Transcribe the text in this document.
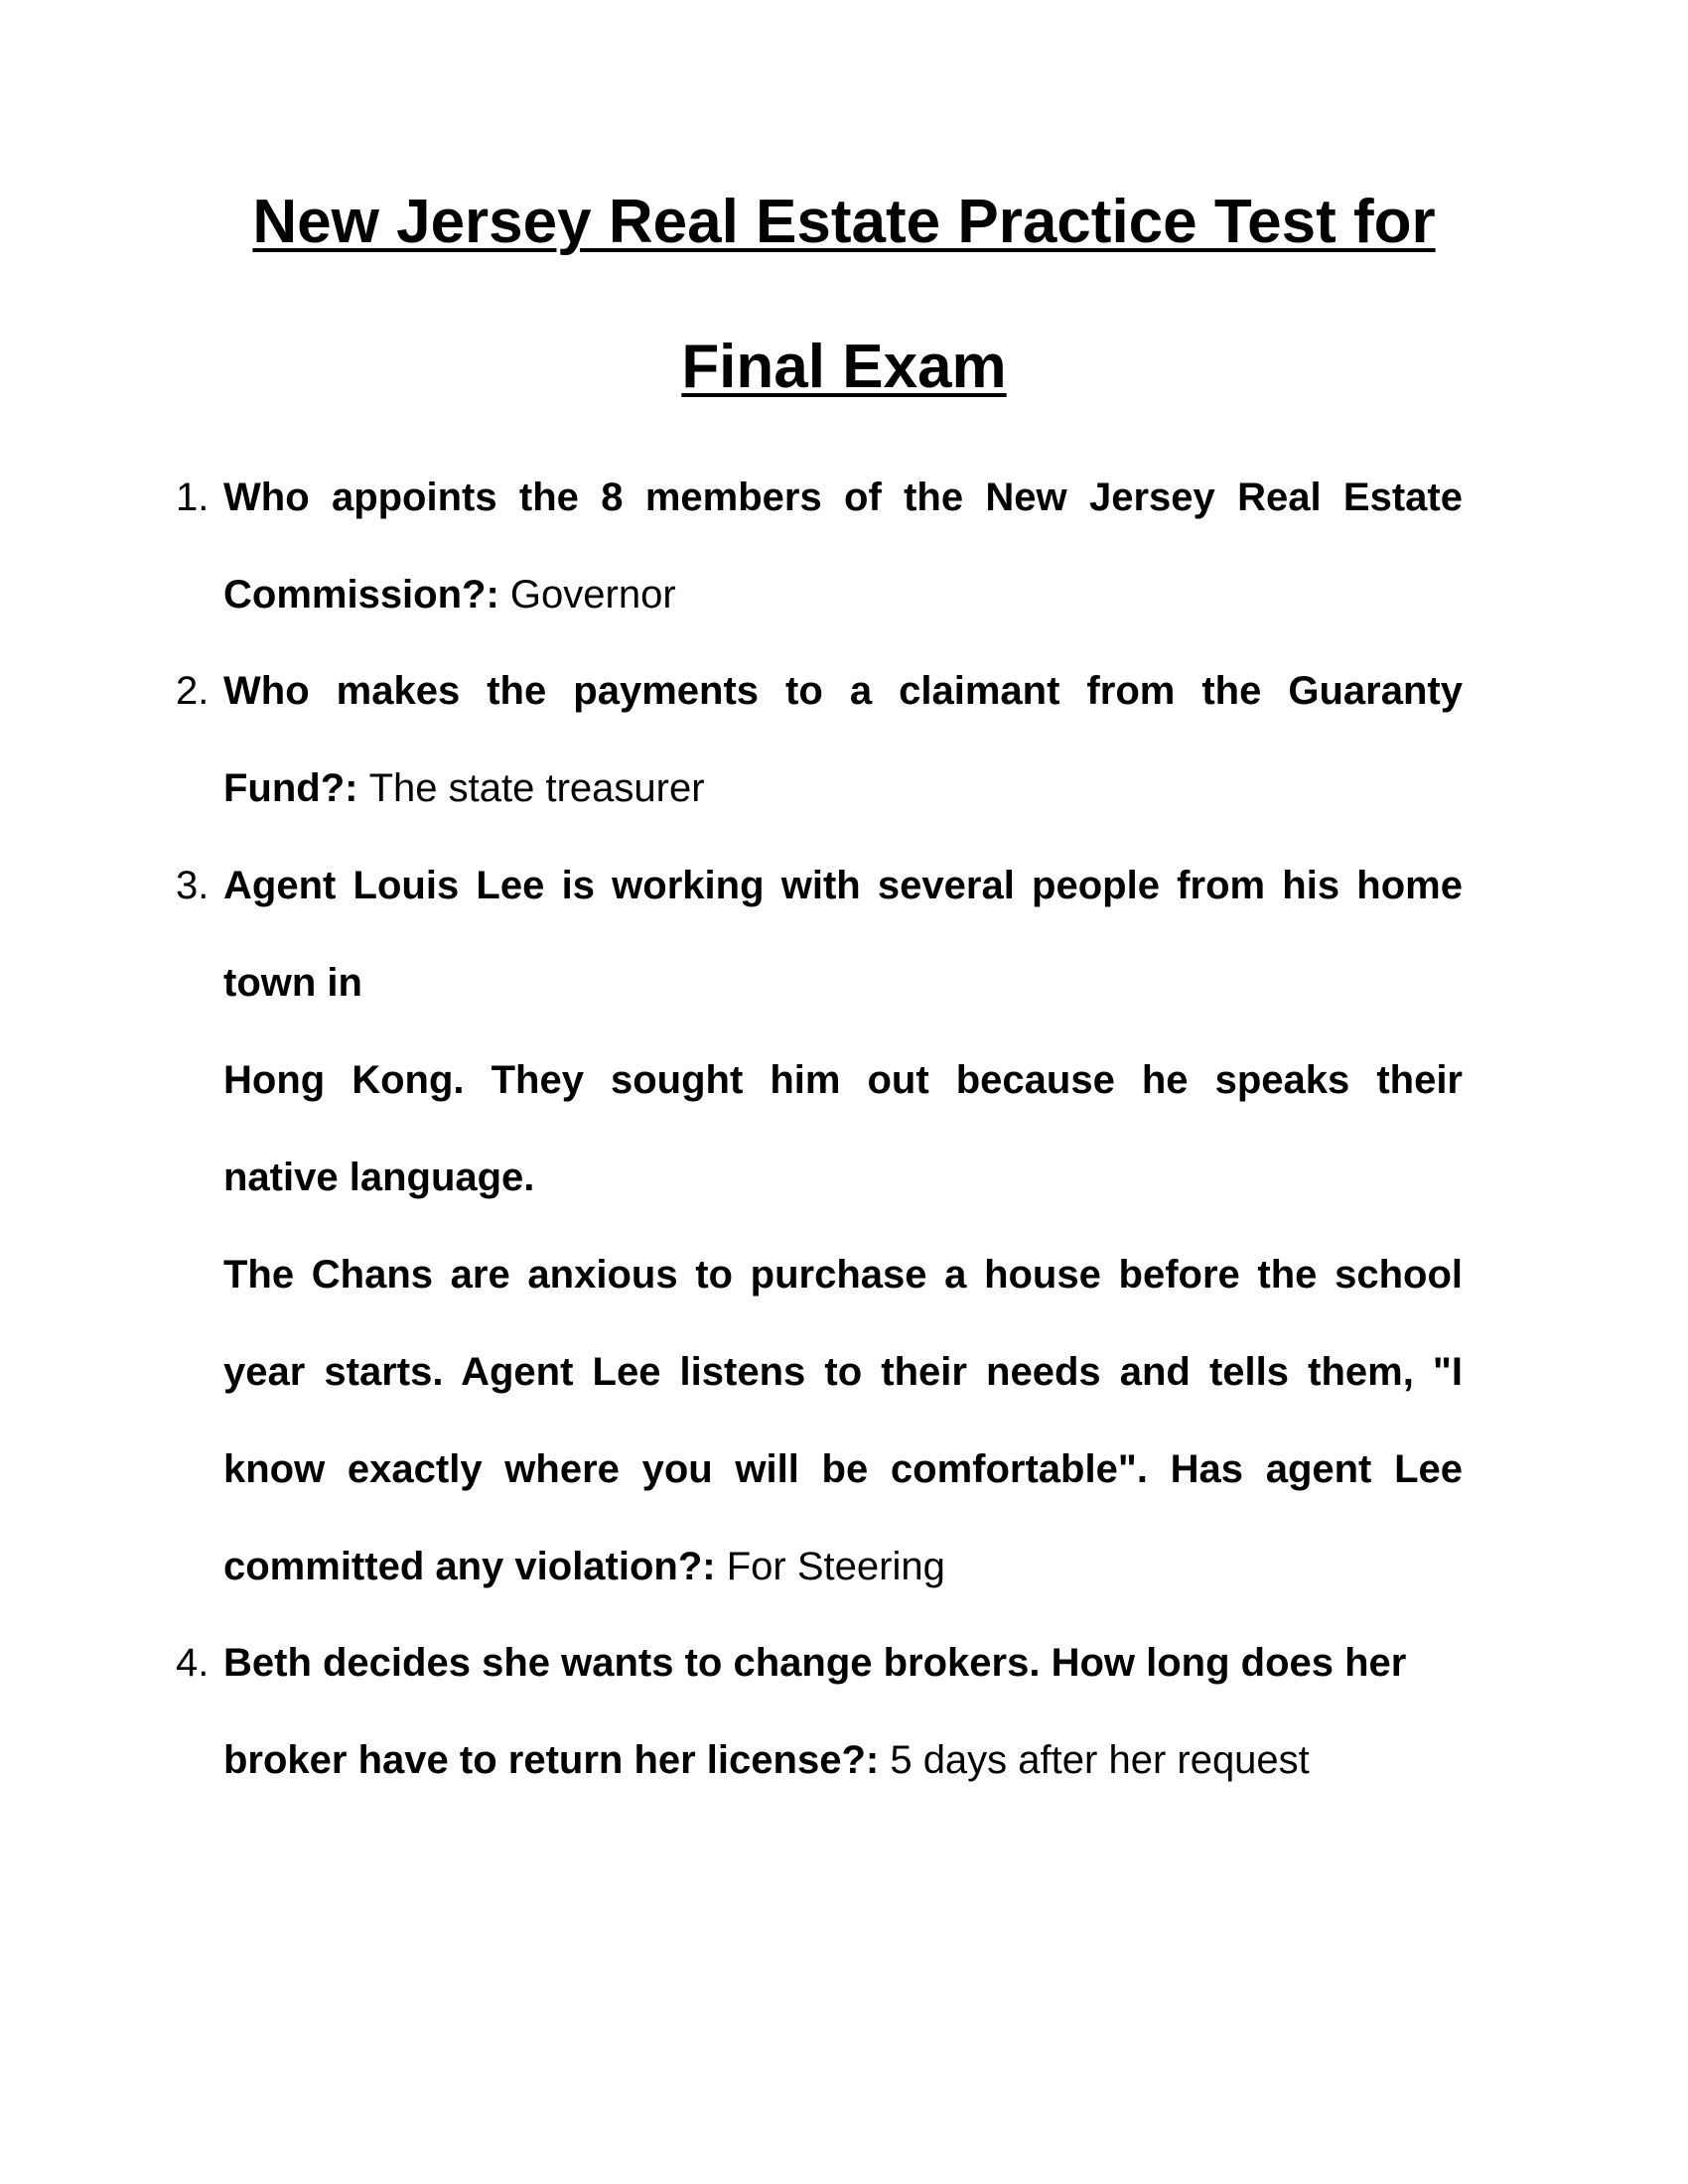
New Jersey Real Estate Practice Test for
Final Exam
1. Who appoints the 8 members of the New Jersey Real Estate
Commission?: Governor
2. Who makes the payments to a claimant from the Guaranty
Fund?: The state treasurer
3. Agent Louis Lee is working with several people from his home
town in
Hong Kong. They sought him out because he speaks their
native language.
The Chans are anxious to purchase a house before the school
year starts. Agent Lee listens to their needs and tells them, "I
know exactly where you will be comfortable". Has agent Lee
committed any violation?: For Steering
4. Beth decides she wants to change brokers. How long does her
broker have to return her license?: 5 days after her request
